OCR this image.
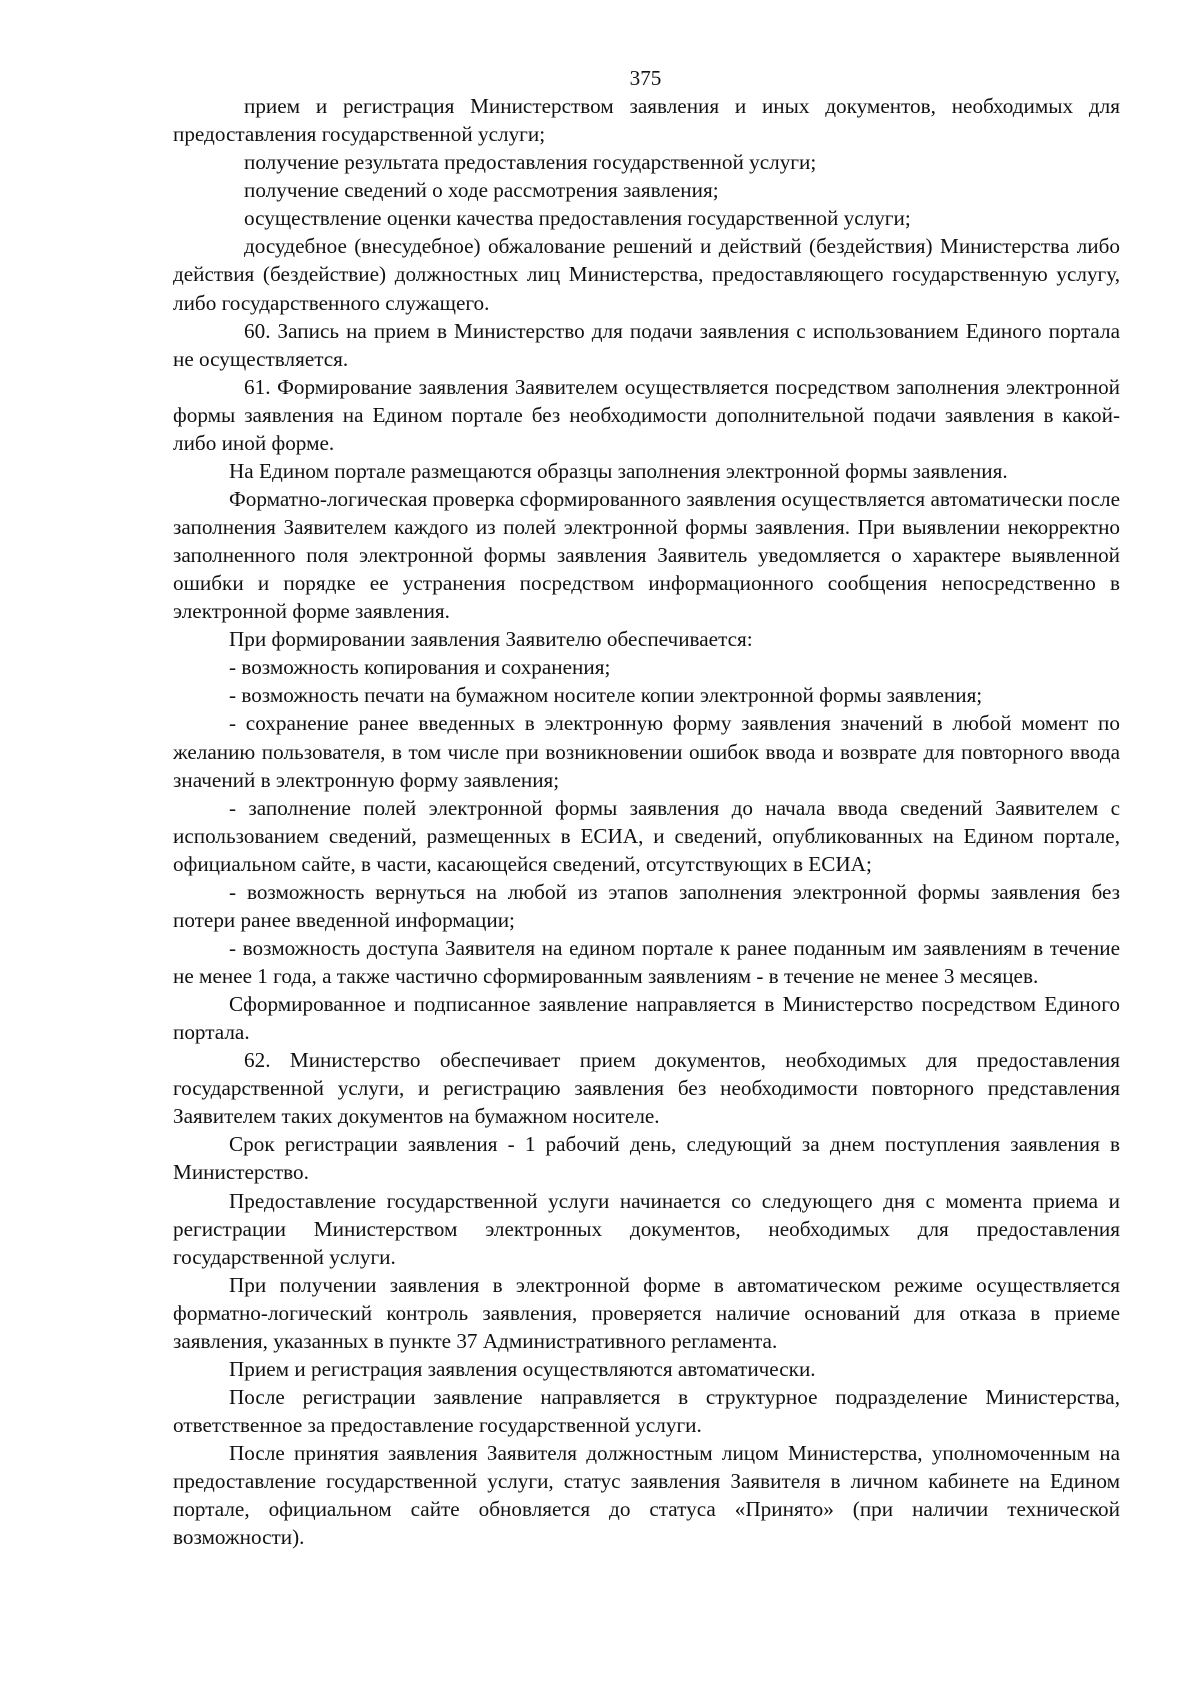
375

прием и регистрация Министерством заявления и иных документов, необходимых для предоставления государственной услуги;

получение результата предоставления государственной услуги;

получение сведений о ходе рассмотрения заявления;

осуществление оценки качества предоставления государственной услуги;

досудебное (внесудебное) обжалование решений и действий (бездействия) Министерства либо действия (бездействие) должностных лиц Министерства, предоставляющего государственную услугу, либо государственного служащего.

60. Запись на прием в Министерство для подачи заявления с использованием Единого портала не осуществляется.

61. Формирование заявления Заявителем осуществляется посредством заполнения электронной формы заявления на Едином портале без необходимости дополнительной подачи заявления в какой-либо иной форме.

На Едином портале размещаются образцы заполнения электронной формы заявления.

Форматно-логическая проверка сформированного заявления осуществляется автоматически после заполнения Заявителем каждого из полей электронной формы заявления. При выявлении некорректно заполненного поля электронной формы заявления Заявитель уведомляется о характере выявленной ошибки и порядке ее устранения посредством информационного сообщения непосредственно в электронной форме заявления.

При формировании заявления Заявителю обеспечивается:

- возможность копирования и сохранения;

- возможность печати на бумажном носителе копии электронной формы заявления;

- сохранение ранее введенных в электронную форму заявления значений в любой момент по желанию пользователя, в том числе при возникновении ошибок ввода и возврате для повторного ввода значений в электронную форму заявления;

- заполнение полей электронной формы заявления до начала ввода сведений Заявителем с использованием сведений, размещенных в ЕСИА, и сведений, опубликованных на Едином портале, официальном сайте, в части, касающейся сведений, отсутствующих в ЕСИА;

- возможность вернуться на любой из этапов заполнения электронной формы заявления без потери ранее введенной информации;

- возможность доступа Заявителя на едином портале к ранее поданным им заявлениям в течение не менее 1 года, а также частично сформированным заявлениям - в течение не менее 3 месяцев.

Сформированное и подписанное заявление направляется в Министерство посредством Единого портала.

62. Министерство обеспечивает прием документов, необходимых для предоставления государственной услуги, и регистрацию заявления без необходимости повторного представления Заявителем таких документов на бумажном носителе.

Срок регистрации заявления - 1 рабочий день, следующий за днем поступления заявления в Министерство.

Предоставление государственной услуги начинается со следующего дня с момента приема и регистрации Министерством электронных документов, необходимых для предоставления государственной услуги.

При получении заявления в электронной форме в автоматическом режиме осуществляется форматно-логический контроль заявления, проверяется наличие оснований для отказа в приеме заявления, указанных в пункте 37 Административного регламента.

Прием и регистрация заявления осуществляются автоматически.

После регистрации заявление направляется в структурное подразделение Министерства, ответственное за предоставление государственной услуги.

После принятия заявления Заявителя должностным лицом Министерства, уполномоченным на предоставление государственной услуги, статус заявления Заявителя в личном кабинете на Едином портале, официальном сайте обновляется до статуса «Принято» (при наличии технической возможности).
